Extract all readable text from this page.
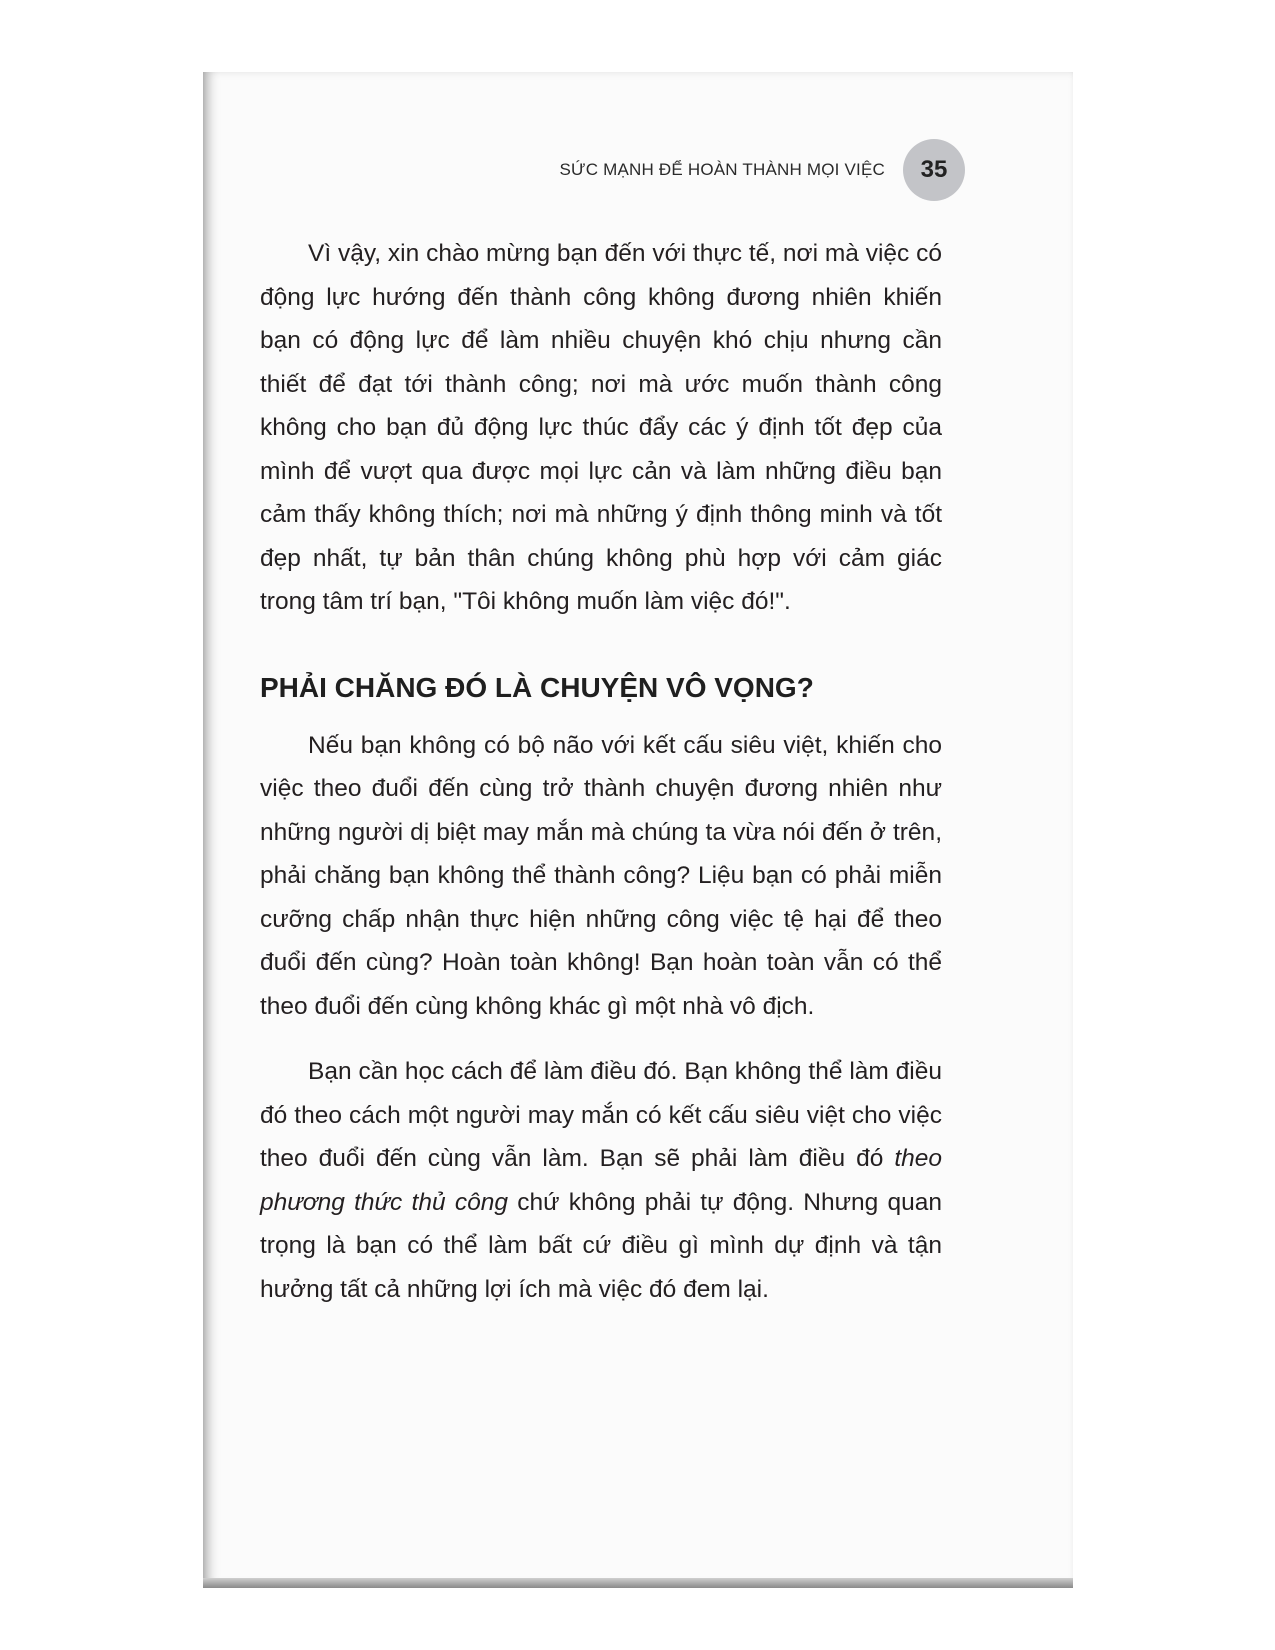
SỨC MẠNH ĐỂ HOÀN THÀNH MỌI VIỆC	35

Vì vậy, xin chào mừng bạn đến với thực tế, nơi mà việc có động lực hướng đến thành công không đương nhiên khiến bạn có động lực để làm nhiều chuyện khó chịu nhưng cần thiết để đạt tới thành công; nơi mà ước muốn thành công không cho bạn đủ động lực thúc đẩy các ý định tốt đẹp của mình để vượt qua được mọi lực cản và làm những điều bạn cảm thấy không thích; nơi mà những ý định thông minh và tốt đẹp nhất, tự bản thân chúng không phù hợp với cảm giác trong tâm trí bạn, "Tôi không muốn làm việc đó!".

PHẢI CHĂNG ĐÓ LÀ CHUYỆN VÔ VỌNG?

Nếu bạn không có bộ não với kết cấu siêu việt, khiến cho việc theo đuổi đến cùng trở thành chuyện đương nhiên như những người dị biệt may mắn mà chúng ta vừa nói đến ở trên, phải chăng bạn không thể thành công? Liệu bạn có phải miễn cưỡng chấp nhận thực hiện những công việc tệ hại để theo đuổi đến cùng? Hoàn toàn không! Bạn hoàn toàn vẫn có thể theo đuổi đến cùng không khác gì một nhà vô địch.

Bạn cần học cách để làm điều đó. Bạn không thể làm điều đó theo cách một người may mắn có kết cấu siêu việt cho việc theo đuổi đến cùng vẫn làm. Bạn sẽ phải làm điều đó theo phương thức thủ công chứ không phải tự động. Nhưng quan trọng là bạn có thể làm bất cứ điều gì mình dự định và tận hưởng tất cả những lợi ích mà việc đó đem lại.
